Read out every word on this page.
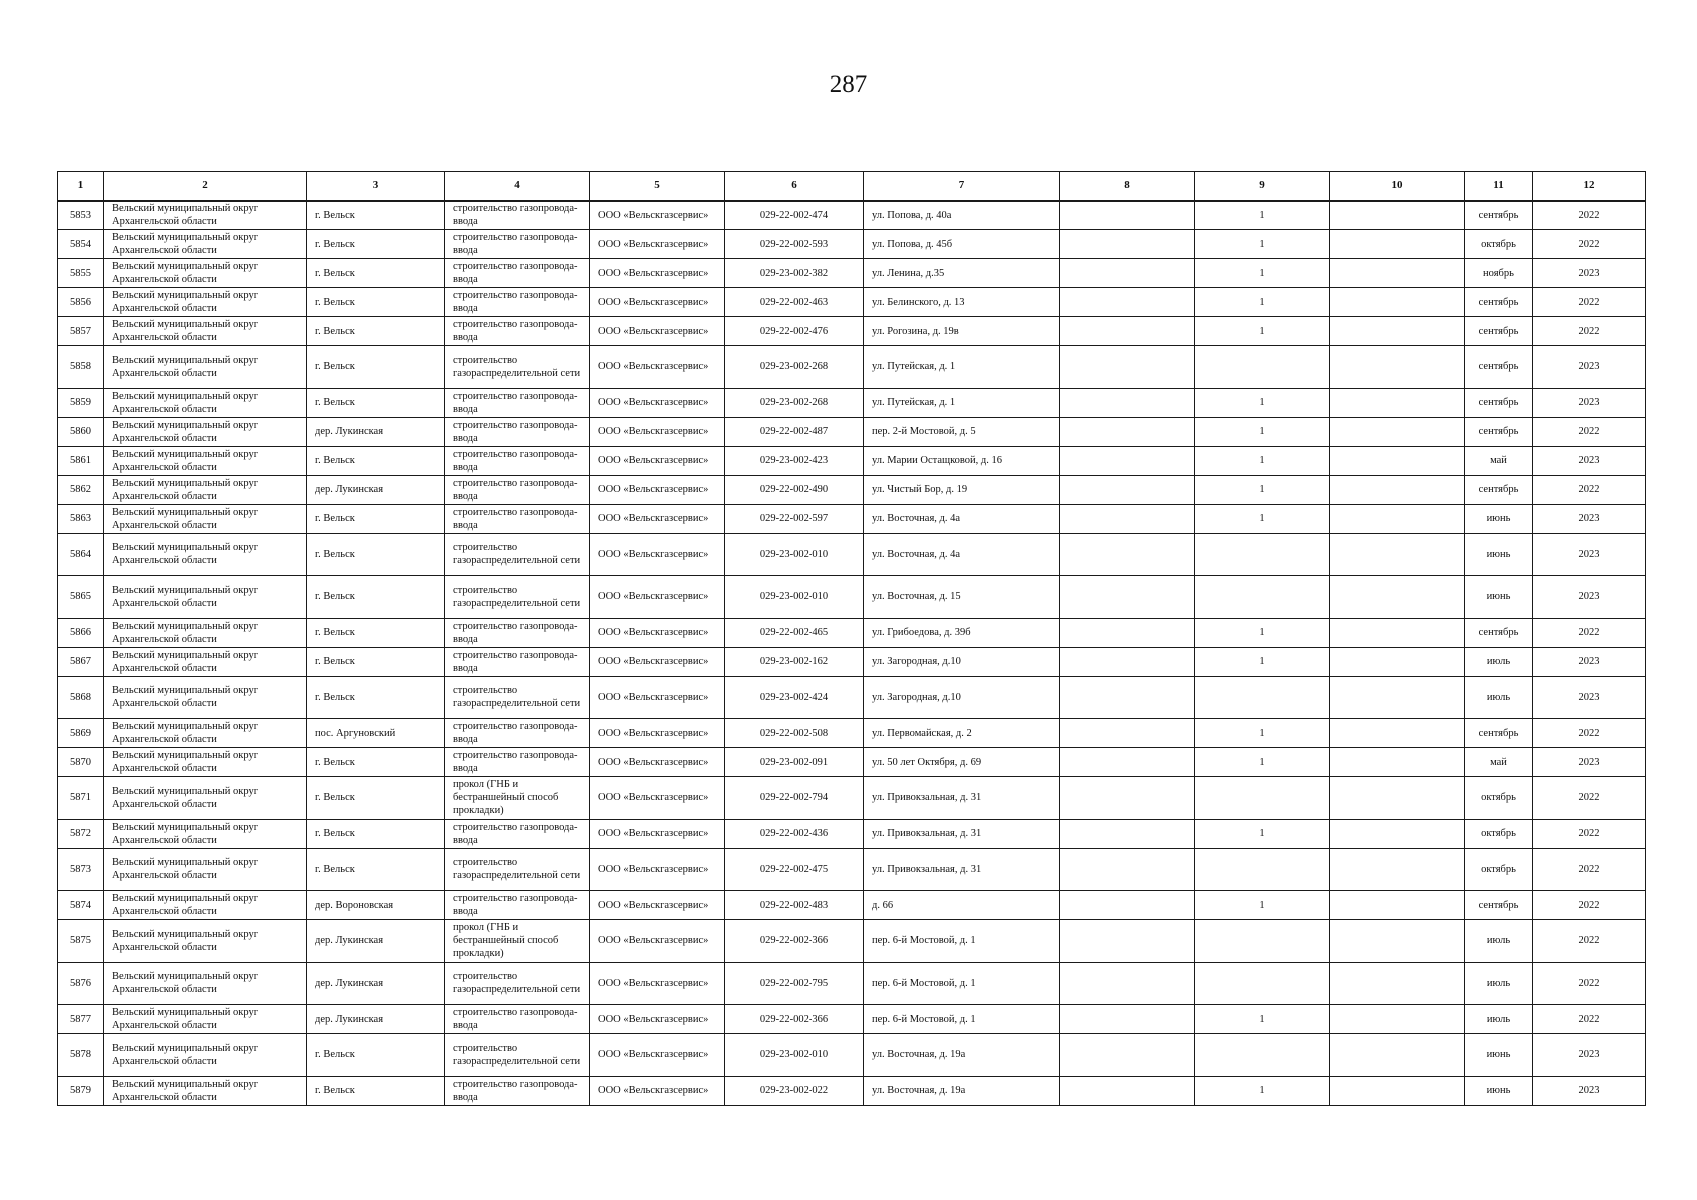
287
1	2	3	4	5	6	7	8	9	10	11	12
5853	Вельский муниципальный округ Архангельской области	г. Вельск	строительство газопровода-ввода	ООО «Вельскгазсервис»	029-22-002-474	ул. Попова, д. 40а		1		сентябрь	2022
5854	Вельский муниципальный округ Архангельской области	г. Вельск	строительство газопровода-ввода	ООО «Вельскгазсервис»	029-22-002-593	ул. Попова, д. 45б		1		октябрь	2022
5855	Вельский муниципальный округ Архангельской области	г. Вельск	строительство газопровода-ввода	ООО «Вельскгазсервис»	029-23-002-382	ул. Ленина, д.35		1		ноябрь	2023
5856	Вельский муниципальный округ Архангельской области	г. Вельск	строительство газопровода-ввода	ООО «Вельскгазсервис»	029-22-002-463	ул. Белинского, д. 13		1		сентябрь	2022
5857	Вельский муниципальный округ Архангельской области	г. Вельск	строительство газопровода-ввода	ООО «Вельскгазсервис»	029-22-002-476	ул. Рогозина, д. 19в		1		сентябрь	2022
5858	Вельский муниципальный округ Архангельской области	г. Вельск	строительство газораспределительной сети	ООО «Вельскгазсервис»	029-23-002-268	ул. Путейская, д. 1				сентябрь	2023
5859	Вельский муниципальный округ Архангельской области	г. Вельск	строительство газопровода-ввода	ООО «Вельскгазсервис»	029-23-002-268	ул. Путейская, д. 1		1		сентябрь	2023
5860	Вельский муниципальный округ Архангельской области	дер. Лукинская	строительство газопровода-ввода	ООО «Вельскгазсервис»	029-22-002-487	пер. 2-й Мостовой, д. 5		1		сентябрь	2022
5861	Вельский муниципальный округ Архангельской области	г. Вельск	строительство газопровода-ввода	ООО «Вельскгазсервис»	029-23-002-423	ул. Марии Остащковой, д. 16		1		май	2023
5862	Вельский муниципальный округ Архангельской области	дер. Лукинская	строительство газопровода-ввода	ООО «Вельскгазсервис»	029-22-002-490	ул. Чистый Бор, д. 19		1		сентябрь	2022
5863	Вельский муниципальный округ Архангельской области	г. Вельск	строительство газопровода-ввода	ООО «Вельскгазсервис»	029-22-002-597	ул. Восточная, д. 4а		1		июнь	2023
5864	Вельский муниципальный округ Архангельской области	г. Вельск	строительство газораспределительной сети	ООО «Вельскгазсервис»	029-23-002-010	ул. Восточная, д. 4а				июнь	2023
5865	Вельский муниципальный округ Архангельской области	г. Вельск	строительство газораспределительной сети	ООО «Вельскгазсервис»	029-23-002-010	ул. Восточная, д. 15				июнь	2023
5866	Вельский муниципальный округ Архангельской области	г. Вельск	строительство газопровода-ввода	ООО «Вельскгазсервис»	029-22-002-465	ул. Грибоедова, д. 39б		1		сентябрь	2022
5867	Вельский муниципальный округ Архангельской области	г. Вельск	строительство газопровода-ввода	ООО «Вельскгазсервис»	029-23-002-162	ул. Загородная, д.10		1		июль	2023
5868	Вельский муниципальный округ Архангельской области	г. Вельск	строительство газораспределительной сети	ООО «Вельскгазсервис»	029-23-002-424	ул. Загородная, д.10				июль	2023
5869	Вельский муниципальный округ Архангельской области	пос. Аргуновский	строительство газопровода-ввода	ООО «Вельскгазсервис»	029-22-002-508	ул. Первомайская, д. 2		1		сентябрь	2022
5870	Вельский муниципальный округ Архангельской области	г. Вельск	строительство газопровода-ввода	ООО «Вельскгазсервис»	029-23-002-091	ул. 50 лет Октября, д. 69		1		май	2023
5871	Вельский муниципальный округ Архангельской области	г. Вельск	прокол (ГНБ и бестраншейный способ прокладки)	ООО «Вельскгазсервис»	029-22-002-794	ул. Привокзальная, д. 31				октябрь	2022
5872	Вельский муниципальный округ Архангельской области	г. Вельск	строительство газопровода-ввода	ООО «Вельскгазсервис»	029-22-002-436	ул. Привокзальная, д. 31		1		октябрь	2022
5873	Вельский муниципальный округ Архангельской области	г. Вельск	строительство газораспределительной сети	ООО «Вельскгазсервис»	029-22-002-475	ул. Привокзальная, д. 31				октябрь	2022
5874	Вельский муниципальный округ Архангельской области	дер. Вороновская	строительство газопровода-ввода	ООО «Вельскгазсервис»	029-22-002-483	д. 66		1		сентябрь	2022
5875	Вельский муниципальный округ Архангельской области	дер. Лукинская	прокол (ГНБ и бестраншейный способ прокладки)	ООО «Вельскгазсервис»	029-22-002-366	пер. 6-й Мостовой, д. 1				июль	2022
5876	Вельский муниципальный округ Архангельской области	дер. Лукинская	строительство газораспределительной сети	ООО «Вельскгазсервис»	029-22-002-795	пер. 6-й Мостовой, д. 1				июль	2022
5877	Вельский муниципальный округ Архангельской области	дер. Лукинская	строительство газопровода-ввода	ООО «Вельскгазсервис»	029-22-002-366	пер. 6-й Мостовой, д. 1		1		июль	2022
5878	Вельский муниципальный округ Архангельской области	г. Вельск	строительство газораспределительной сети	ООО «Вельскгазсервис»	029-23-002-010	ул. Восточная, д. 19а				июнь	2023
5879	Вельский муниципальный округ Архангельской области	г. Вельск	строительство газопровода-ввода	ООО «Вельскгазсервис»	029-23-002-022	ул. Восточная, д. 19а		1		июнь	2023
